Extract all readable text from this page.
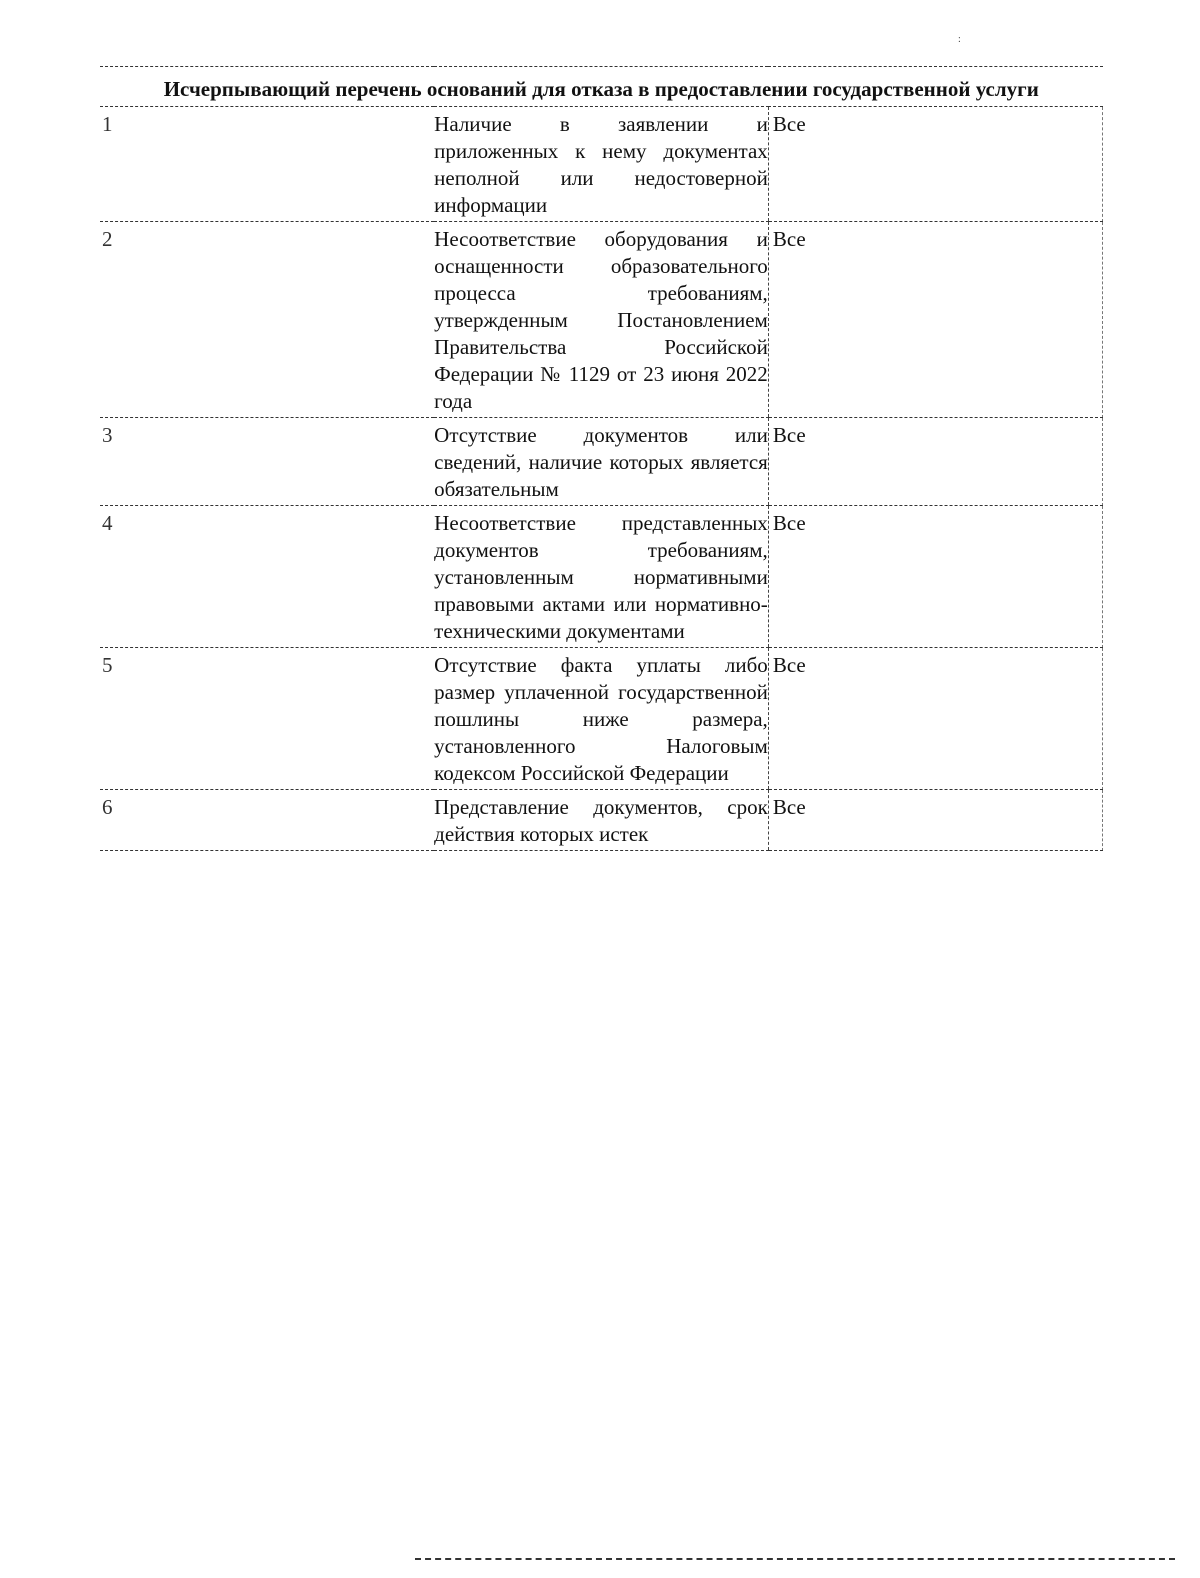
:
Исчерпывающий перечень оснований для отказа в предоставлении государственной услуги		
1	Наличие в заявлении и приложенных к нему документах неполной или недостоверной информации	Все
2	Несоответствие оборудования и оснащенности образовательного процесса требованиям, утвержденным Постановлением Правительства Российской Федерации № 1129 от 23 июня 2022 года	Все
3	Отсутствие документов или сведений, наличие которых является обязательным	Все
4	Несоответствие представленных документов требованиям, установленным нормативными правовыми актами или нормативно-техническими документами	Все
5	Отсутствие факта уплаты либо размер уплаченной государственной пошлины ниже размера, установленного Налоговым кодексом Российской Федерации	Все
6	Представление документов, срок действия которых истек	Все
